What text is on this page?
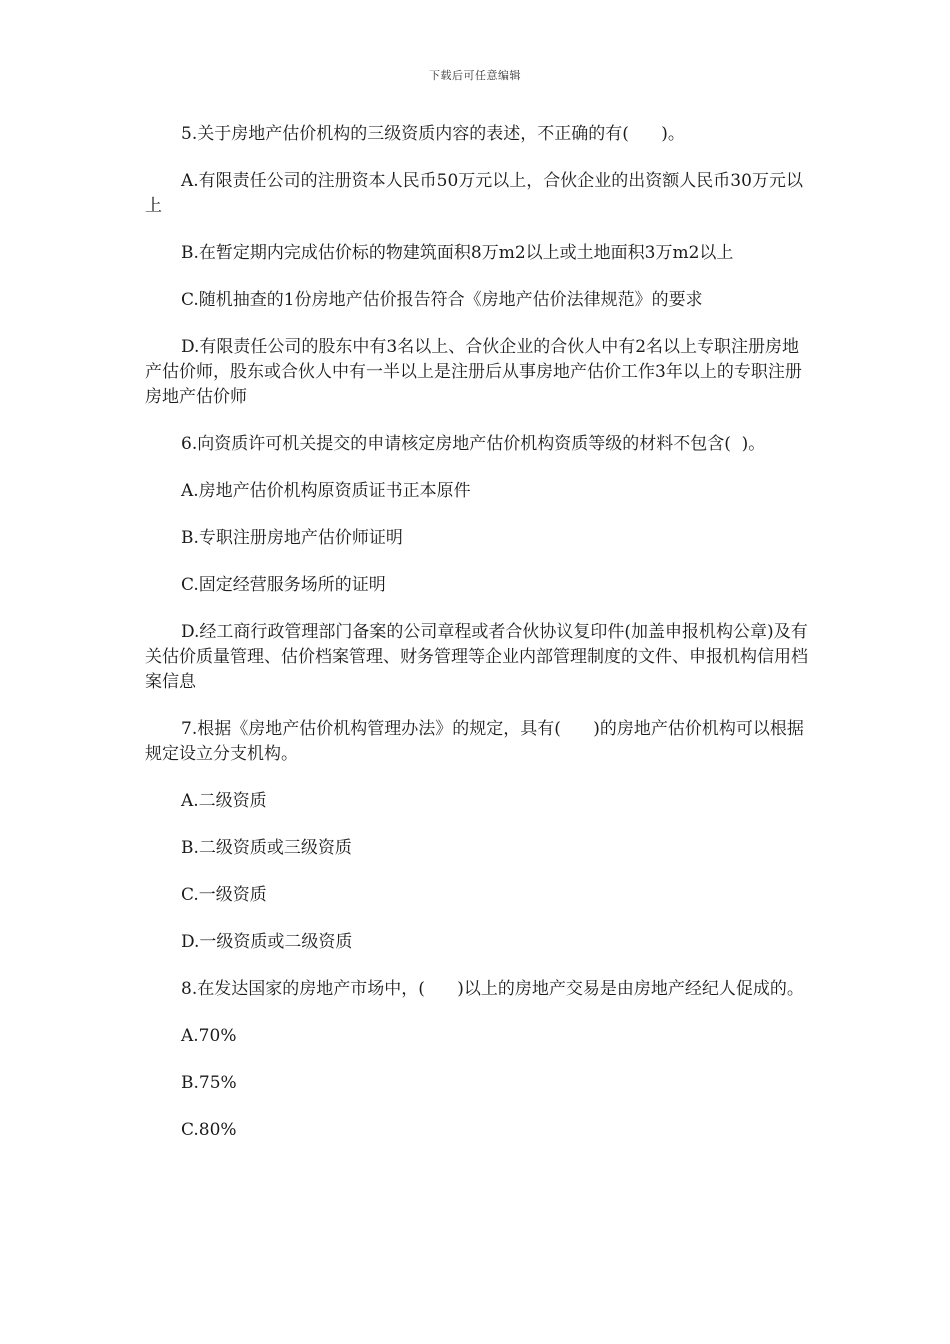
下载后可任意编辑

5.关于房地产估价机构的三级资质内容的表述，不正确的有(      )。

A.有限责任公司的注册资本人民币50万元以上，合伙企业的出资额人民币30万元以上

B.在暂定期内完成估价标的物建筑面积8万m2以上或土地面积3万m2以上

C.随机抽查的1份房地产估价报告符合《房地产估价法律规范》的要求

D.有限责任公司的股东中有3名以上、合伙企业的合伙人中有2名以上专职注册房地产估价师，股东或合伙人中有一半以上是注册后从事房地产估价工作3年以上的专职注册房地产估价师

6.向资质许可机关提交的申请核定房地产估价机构资质等级的材料不包含(  )。

A.房地产估价机构原资质证书正本原件

B.专职注册房地产估价师证明

C.固定经营服务场所的证明

D.经工商行政管理部门备案的公司章程或者合伙协议复印件(加盖申报机构公章)及有关估价质量管理、估价档案管理、财务管理等企业内部管理制度的文件、申报机构信用档案信息

7.根据《房地产估价机构管理办法》的规定，具有(      )的房地产估价机构可以根据规定设立分支机构。

A.二级资质

B.二级资质或三级资质

C.一级资质

D.一级资质或二级资质

8.在发达国家的房地产市场中，(      )以上的房地产交易是由房地产经纪人促成的。

A.70%

B.75%

C.80%
